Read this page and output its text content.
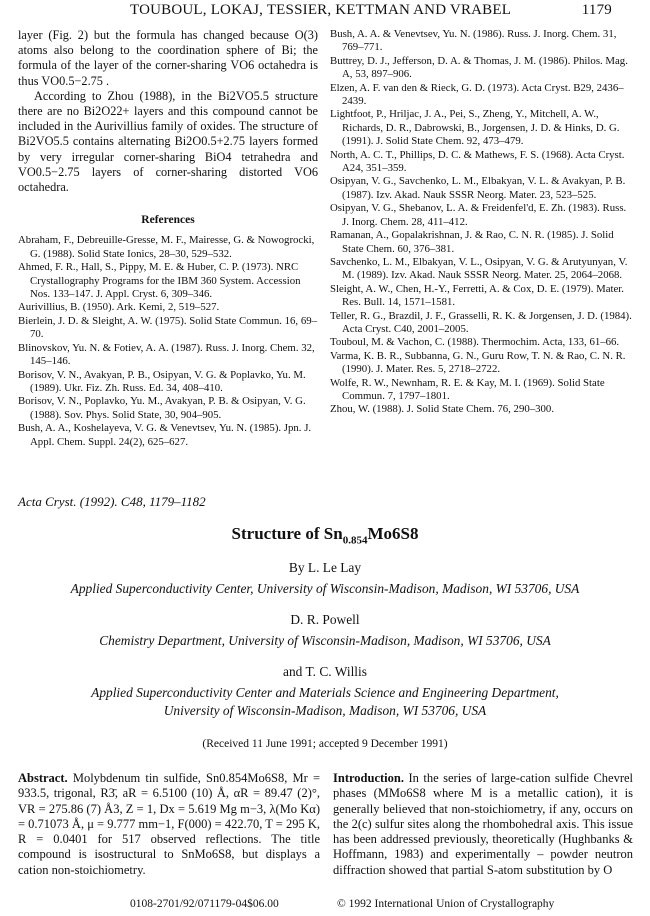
TOUBOUL, LOKAJ, TESSIER, KETTMAN AND VRABEL	1179

layer (Fig. 2) but the formula has changed because O(3) atoms also belong to the coordination sphere of Bi; the formula of the layer of the corner-sharing VO6 octahedra is thus VO0.5−2.75 .

According to Zhou (1988), in the Bi2VO5.5 structure there are no Bi2O22+ layers and this compound cannot be included in the Aurivillius family of oxides. The structure of Bi2VO5.5 contains alternating Bi2O0.5+2.75 layers formed by very irregular corner-sharing BiO4 tetrahedra and VO0.5−2.75 layers of corner-sharing distorted VO6 octahedra.

References

Abraham, F., Debreuille-Gresse, M. F., Mairesse, G. & Nowogrocki, G. (1988). Solid State Ionics, 28–30, 529–532.

Ahmed, F. R., Hall, S., Pippy, M. E. & Huber, C. P. (1973). NRC Crystallography Programs for the IBM 360 System. Accession Nos. 133–147. J. Appl. Cryst. 6, 309–346.

Aurivillius, B. (1950). Ark. Kemi, 2, 519–527.

Bierlein, J. D. & Sleight, A. W. (1975). Solid State Commun. 16, 69–70.

Blinovskov, Yu. N. & Fotiev, A. A. (1987). Russ. J. Inorg. Chem. 32, 145–146.

Borisov, V. N., Avakyan, P. B., Osipyan, V. G. & Poplavko, Yu. M. (1989). Ukr. Fiz. Zh. Russ. Ed. 34, 408–410.

Borisov, V. N., Poplavko, Yu. M., Avakyan, P. B. & Osipyan, V. G. (1988). Sov. Phys. Solid State, 30, 904–905.

Bush, A. A., Koshelayeva, V. G. & Venevtsev, Yu. N. (1985). Jpn. J. Appl. Chem. Suppl. 24(2), 625–627.

Bush, A. A. & Venevtsev, Yu. N. (1986). Russ. J. Inorg. Chem. 31, 769–771.

Buttrey, D. J., Jefferson, D. A. & Thomas, J. M. (1986). Philos. Mag. A, 53, 897–906.

Elzen, A. F. van den & Rieck, G. D. (1973). Acta Cryst. B29, 2436–2439.

Lightfoot, P., Hriljac, J. A., Pei, S., Zheng, Y., Mitchell, A. W., Richards, D. R., Dabrowski, B., Jorgensen, J. D. & Hinks, D. G. (1991). J. Solid State Chem. 92, 473–479.

North, A. C. T., Phillips, D. C. & Mathews, F. S. (1968). Acta Cryst. A24, 351–359.

Osipyan, V. G., Savchenko, L. M., Elbakyan, V. L. & Avakyan, P. B. (1987). Izv. Akad. Nauk SSSR Neorg. Mater. 23, 523–525.

Osipyan, V. G., Shebanov, L. A. & Freidenfel'd, E. Zh. (1983). Russ. J. Inorg. Chem. 28, 411–412.

Ramanan, A., Gopalakrishnan, J. & Rao, C. N. R. (1985). J. Solid State Chem. 60, 376–381.

Savchenko, L. M., Elbakyan, V. L., Osipyan, V. G. & Arutyunyan, V. M. (1989). Izv. Akad. Nauk SSSR Neorg. Mater. 25, 2064–2068.

Sleight, A. W., Chen, H.-Y., Ferretti, A. & Cox, D. E. (1979). Mater. Res. Bull. 14, 1571–1581.

Teller, R. G., Brazdil, J. F., Grasselli, R. K. & Jorgensen, J. D. (1984). Acta Cryst. C40, 2001–2005.

Touboul, M. & Vachon, C. (1988). Thermochim. Acta, 133, 61–66.

Varma, K. B. R., Subbanna, G. N., Guru Row, T. N. & Rao, C. N. R. (1990). J. Mater. Res. 5, 2718–2722.

Wolfe, R. W., Newnham, R. E. & Kay, M. I. (1969). Solid State Commun. 7, 1797–1801.

Zhou, W. (1988). J. Solid State Chem. 76, 290–300.

Acta Cryst. (1992). C48, 1179–1182
Structure of $Sn_{0.854}Mo6S8$
By L. Le Lay
Applied Superconductivity Center, University of Wisconsin-Madison, Madison, WI 53706, USA
D. R. Powell
Chemistry Department, University of Wisconsin-Madison, Madison, WI 53706, USA
and T. C. Willis
Applied Superconductivity Center and Materials Science and Engineering Department,
University of Wisconsin-Madison, Madison, WI 53706, USA
(Received 11 June 1991; accepted 9 December 1991)
Abstract. Molybdenum tin sulfide, Sn0.854Mo6S8, Mr = 933.5, trigonal, R3̄, aR = 6.5100 (10) Å, αR = 89.47 (2)°, VR = 275.86 (7) Å3, Z = 1, Dx = 5.619 Mg m−3, λ(Mo Kα) = 0.71073 Å, μ = 9.777 mm−1, F(000) = 422.70, T = 295 K, R = 0.0401 for 517 observed reflections. The title compound is isostructural to SnMo6S8, but displays a cation non-stoichiometry.
Introduction. In the series of large-cation sulfide Chevrel phases (MMo6S8 where M is a metallic cation), it is generally believed that non-stoichiometry, if any, occurs on the 2(c) sulfur sites along the rhombohedral axis. This issue has been addressed previously, theoretically (Hughbanks & Hoffmann, 1983) and experimentally – powder neutron diffraction showed that partial S-atom substitution by O
0108-2701/92/071179-04$06.00	© 1992 International Union of Crystallography
